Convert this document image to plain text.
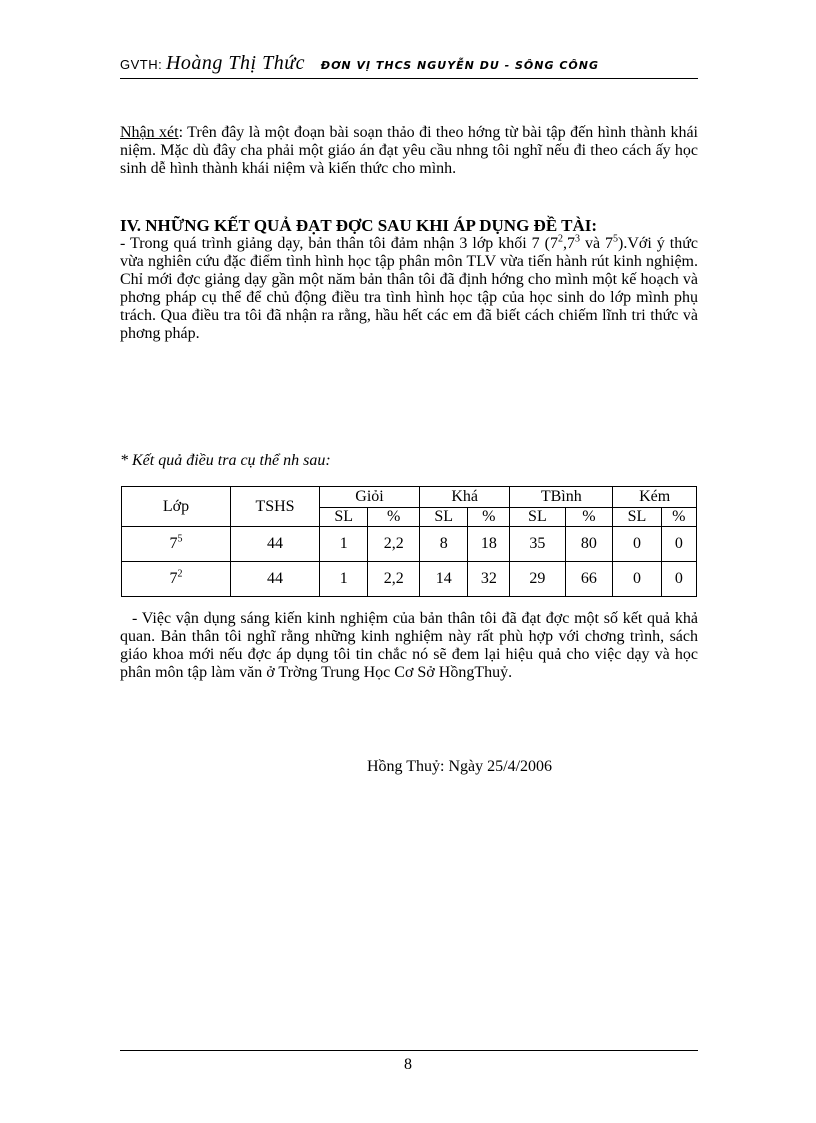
GVTH: Hoàng Thị Thức ĐƠN VỊ THCS NGUYỄN DU - SÔNG CÔNG
Nhận xét: Trên đây là một đoạn bài soạn thảo đi theo hớng từ bài tập đến hình thành khái niệm. Mặc dù đây cha phải một giáo án đạt yêu cầu nhng tôi nghĩ nếu đi theo cách ấy học sinh dễ hình thành khái niệm và kiến thức cho mình.
IV. NHỮNG KẾT QUẢ ĐẠT ĐỢC SAU KHI ÁP DỤNG ĐỀ TÀI:
- Trong quá trình giảng dạy, bản thân tôi đảm nhận 3 lớp khối 7 ($7^2,7^3$ và $7^5).Với$ ý thức vừa nghiên cứu đặc điểm tình hình học tập phân môn TLV vừa tiến hành rút kinh nghiệm. Chỉ mới đợc giảng dạy gần một năm bản thân tôi đã định hớng cho mình một kế hoạch và phơng pháp cụ thể để chủ động điều tra tình hình học tập của học sinh do lớp mình phụ trách. Qua điều tra tôi đã nhận ra rằng, hầu hết các em đã biết cách chiếm lĩnh tri thức và phơng pháp.
* Kết quả điều tra cụ thể nh sau:
Lớp	TSHS	Giỏi		Khá		TBình		Kém	
		SL	%	SL	%	SL	%	SL	%
$7^5$	44	1	2,2	8	18	35	80	0	0
$7^2$	44	1	2,2	14	32	29	66	0	0
- Việc vận dụng sáng kiến kinh nghiệm của bản thân tôi đã đạt đợc một số kết quả khả quan. Bản thân tôi nghĩ rằng những kinh nghiệm này rất phù hợp với chơng trình, sách giáo khoa mới nếu đợc áp dụng tôi tin chắc nó sẽ đem lại hiệu quả cho việc dạy và học phân môn tập làm văn ở Trờng Trung Học Cơ Sở HồngThuỷ.
Hồng Thuỷ: Ngày 25/4/2006
8
